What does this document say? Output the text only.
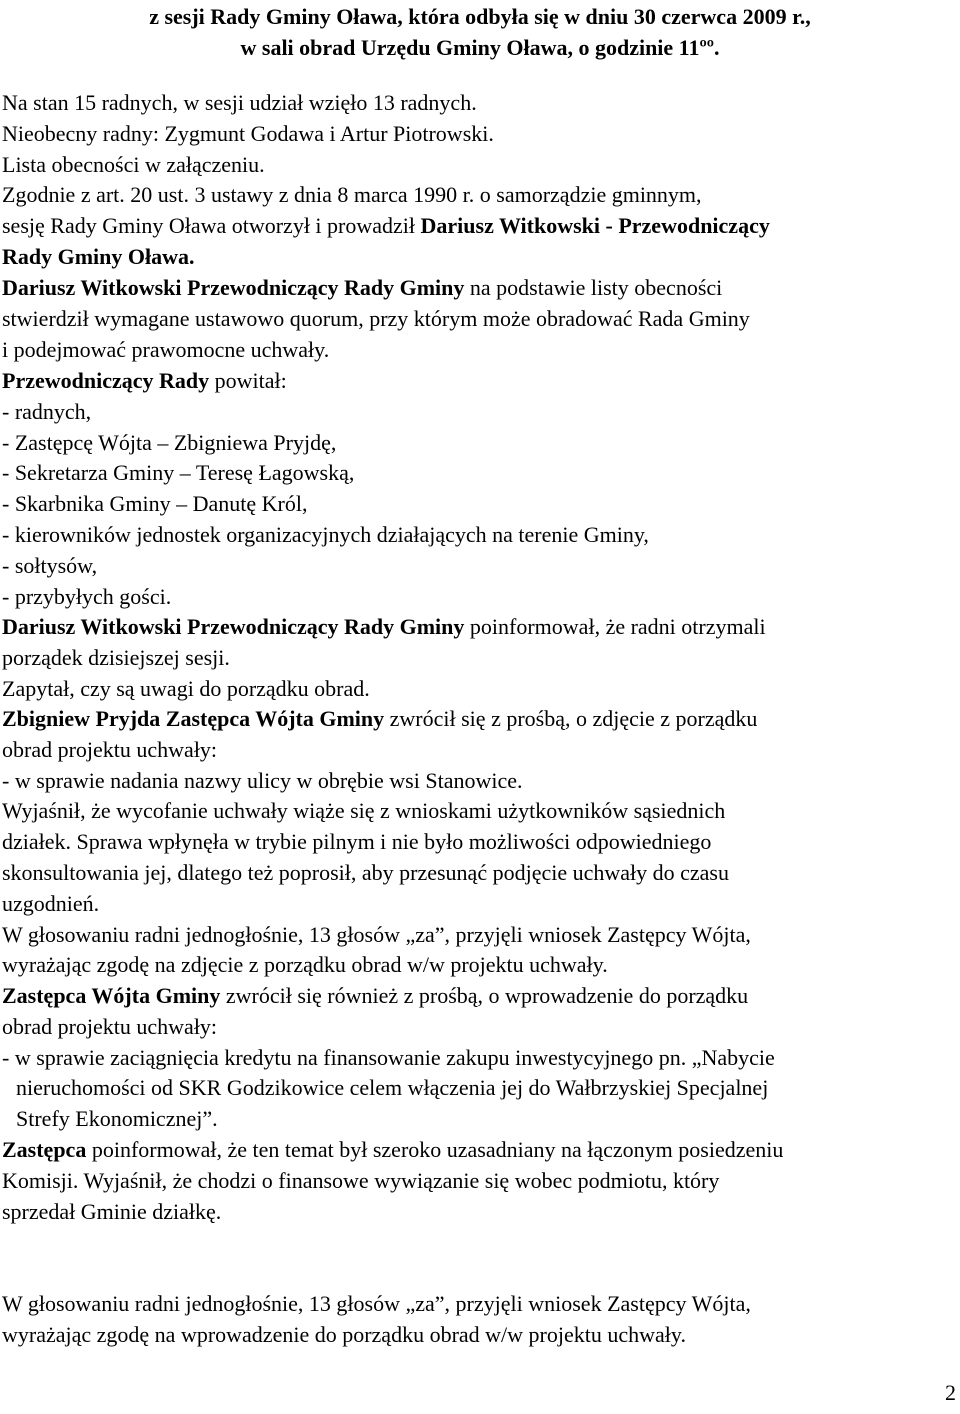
z sesji Rady Gminy Oława, która odbyła się w dniu 30 czerwca 2009 r.,
w sali obrad Urzędu Gminy Oława, o godzinie 11ºº.
Na stan 15 radnych, w sesji udział wzięło 13 radnych.
Nieobecny radny: Zygmunt Godawa i Artur Piotrowski.
Lista obecności w załączeniu.
Zgodnie z art. 20 ust. 3 ustawy z dnia 8 marca 1990 r. o samorządzie gminnym,
sesję Rady Gminy Oława otworzył i prowadził Dariusz Witkowski - Przewodniczący
Rady Gminy Oława.
Dariusz Witkowski Przewodniczący Rady Gminy na podstawie listy obecności
stwierdził wymagane ustawowo quorum, przy którym może obradować Rada Gminy
i podejmować prawomocne uchwały.
Przewodniczący Rady powitał:
- radnych,
- Zastępcę Wójta – Zbigniewa Pryjdę,
- Sekretarza Gminy – Teresę Łagowską,
- Skarbnika Gminy – Danutę Król,
- kierowników jednostek organizacyjnych działających na terenie Gminy,
- sołtysów,
- przybyłych gości.
Dariusz Witkowski Przewodniczący Rady Gminy poinformował, że radni otrzymali
porządek dzisiejszej sesji.
Zapytał, czy są uwagi do porządku obrad.
Zbigniew Pryjda Zastępca Wójta Gminy zwrócił się z prośbą, o zdjęcie z porządku
obrad projektu uchwały:
- w sprawie nadania nazwy ulicy w obrębie wsi Stanowice.
Wyjaśnił, że wycofanie uchwały wiąże się z wnioskami użytkowników sąsiednich
działek. Sprawa wpłynęła w trybie pilnym i nie było możliwości odpowiedniego
skonsultowania jej, dlatego też poprosił, aby przesunąć podjęcie uchwały do czasu
uzgodnień.
W głosowaniu radni jednogłośnie, 13 głosów „za”, przyjęli wniosek Zastępcy Wójta,
wyrażając zgodę na zdjęcie z porządku obrad w/w projektu uchwały.
Zastępca Wójta Gminy zwrócił się również z prośbą, o wprowadzenie do porządku
obrad projektu uchwały:
- w sprawie zaciągnięcia kredytu na finansowanie zakupu inwestycyjnego pn. „Nabycie
nieruchomości od SKR Godzikowice celem włączenia jej do Wałbrzyskiej Specjalnej
Strefy Ekonomicznej”.
Zastępca poinformował, że ten temat był szeroko uzasadniany na łączonym posiedzeniu
Komisji. Wyjaśnił, że chodzi o finansowe wywiązanie się wobec podmiotu, który
sprzedał Gminie działkę.
W głosowaniu radni jednogłośnie, 13 głosów „za”, przyjęli wniosek Zastępcy Wójta,
wyrażając zgodę na wprowadzenie do porządku obrad w/w projektu uchwały.
2
